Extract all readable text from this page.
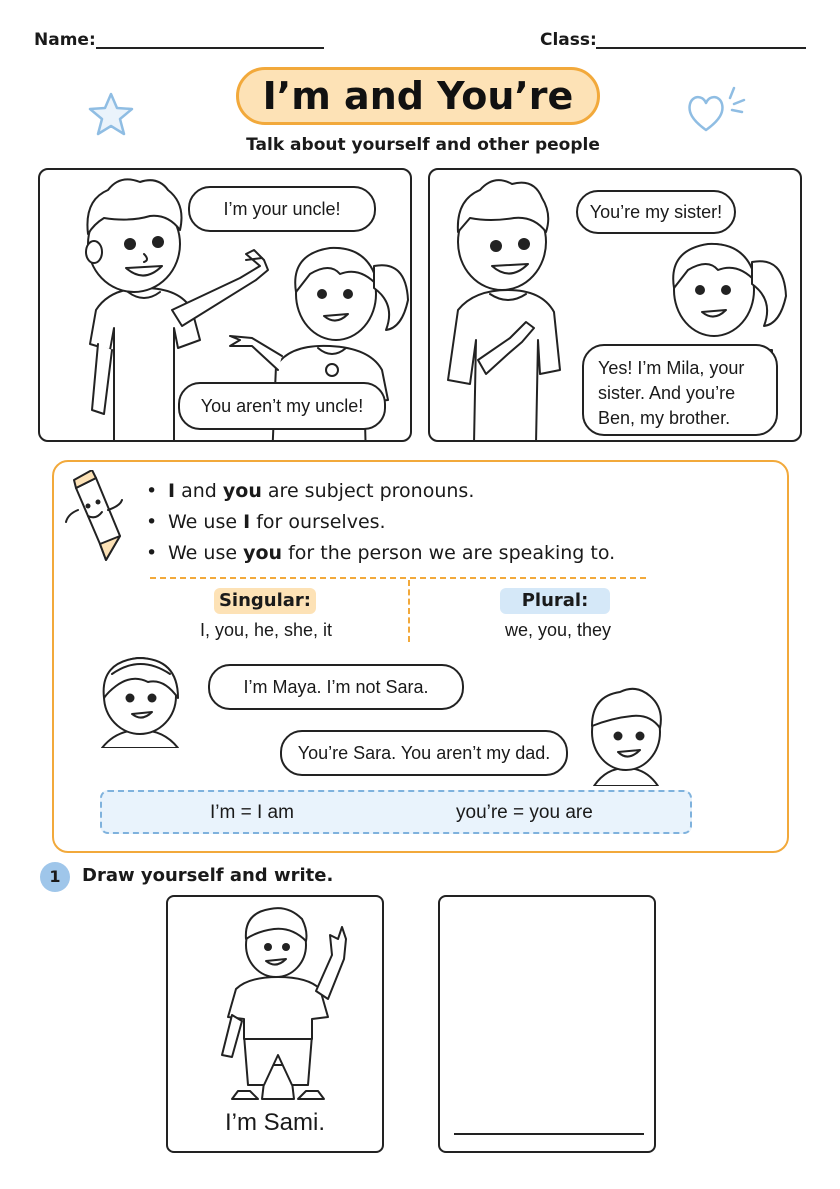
Name:	Class:
I’m and You’re
Talk about yourself and other people
I’m your uncle!
You aren’t my uncle!
You’re my sister!
Yes! I’m Mila, your
sister. And you’re
Ben, my brother.
• I and you are subject pronouns.
• We use I for ourselves.
• We use you for the person we are speaking to.
Singular:
I, you, he, she, it
Plural:
we, you, they
I’m Maya. I’m not Sara.
You’re Sara. You aren’t my dad.
I’m = I am	you’re = you are
1	Draw yourself and write.
I’m Sami.
